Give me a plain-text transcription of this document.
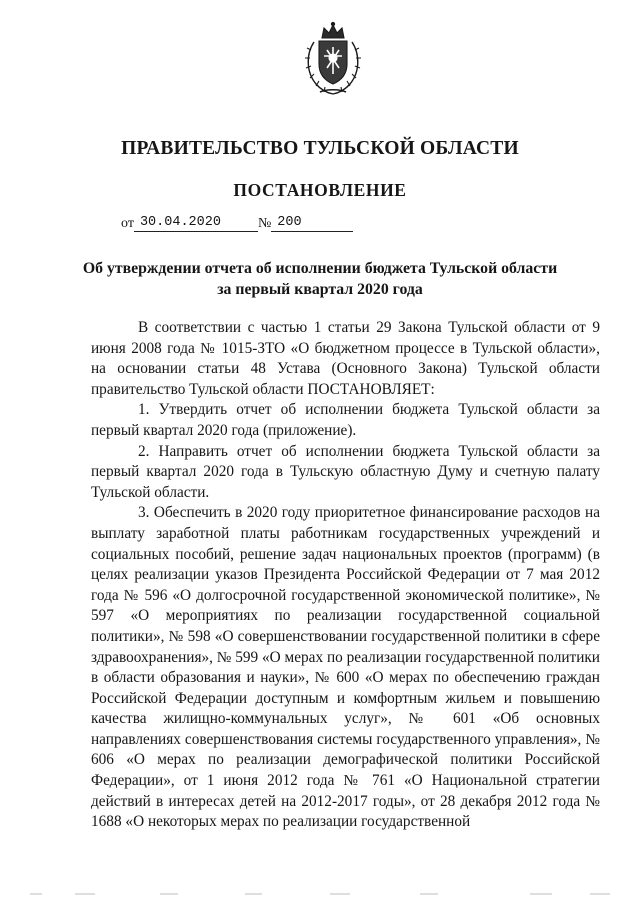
ПРАВИТЕЛЬСТВО ТУЛЬСКОЙ ОБЛАСТИ
ПОСТАНОВЛЕНИЕ
от 30.04.2020	№ 200
Об утверждении отчета об исполнении бюджета Тульской области
за первый квартал 2020 года

В соответствии с частью 1 статьи 29 Закона Тульской области от 9 июня 2008 года № 1015-ЗТО «О бюджетном процессе в Тульской области», на основании статьи 48 Устава (Основного Закона) Тульской области правительство Тульской области ПОСТАНОВЛЯЕТ:

1. Утвердить отчет об исполнении бюджета Тульской области за первый квартал 2020 года (приложение).

2. Направить отчет об исполнении бюджета Тульской области за первый квартал 2020 года в Тульскую областную Думу и счетную палату Тульской области.

3. Обеспечить в 2020 году приоритетное финансирование расходов на выплату заработной платы работникам государственных учреждений и социальных пособий, решение задач национальных проектов (программ) (в целях реализации указов Президента Российской Федерации от 7 мая 2012 года № 596 «О долгосрочной государственной экономической политике», № 597 «О мероприятиях по реализации государственной социальной политики», № 598 «О совершенствовании государственной политики в сфере здравоохранения», № 599 «О мерах по реализации государственной политики в области образования и науки», № 600 «О мерах по обеспечению граждан Российской Федерации доступным и комфортным жильем и повышению качества жилищно-коммунальных услуг», № 601 «Об основных направлениях совершенствования системы государственного управления», № 606 «О мерах по реализации демографической политики Российской Федерации», от 1 июня 2012 года № 761 «О Национальной стратегии действий в интересах детей на 2012-2017 годы», от 28 декабря 2012 года № 1688 «О некоторых мерах по реализации государственной
